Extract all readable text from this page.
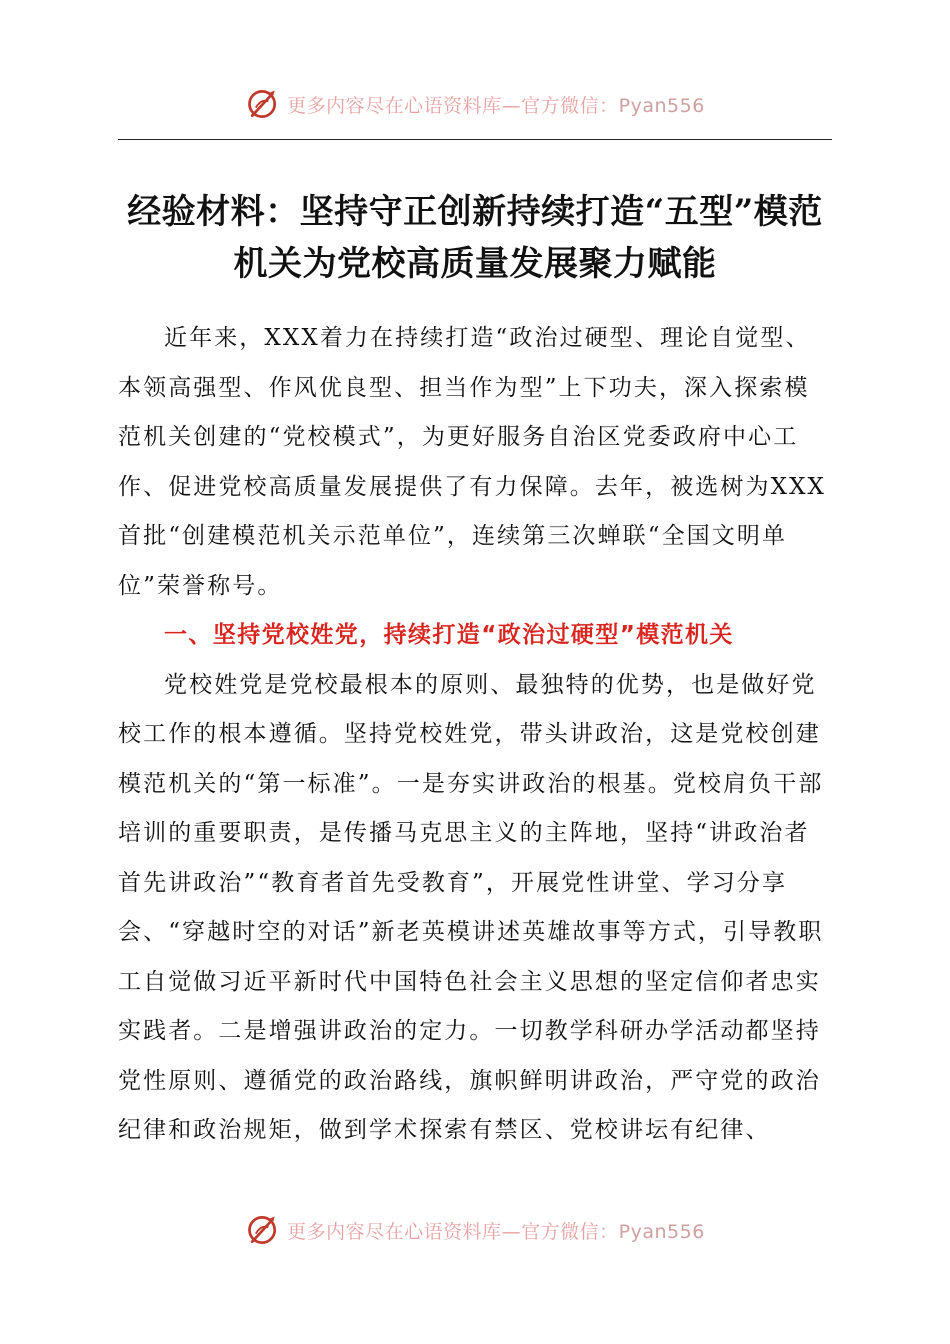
更多内容尽在心语资料库—官方微信：Pyan556
经验材料：坚持守正创新持续打造“五型”模范机关为党校高质量发展聚力赋能

近年来，XXX着力在持续打造“政治过硬型、理论自觉型、本领高强型、作风优良型、担当作为型”上下功夫，深入探索模范机关创建的“党校模式”，为更好服务自治区党委政府中心工作、促进党校高质量发展提供了有力保障。去年，被选树为XXX首批“创建模范机关示范单位”，连续第三次蝉联“全国文明单位”荣誉称号。

一、坚持党校姓党，持续打造“政治过硬型”模范机关

党校姓党是党校最根本的原则、最独特的优势，也是做好党校工作的根本遵循。坚持党校姓党，带头讲政治，这是党校创建模范机关的“第一标准”。一是夯实讲政治的根基。党校肩负干部培训的重要职责，是传播马克思主义的主阵地，坚持“讲政治者首先讲政治”“教育者首先受教育”，开展党性讲堂、学习分享会、“穿越时空的对话”新老英模讲述英雄故事等方式，引导教职工自觉做习近平新时代中国特色社会主义思想的坚定信仰者忠实实践者。二是增强讲政治的定力。一切教学科研办学活动都坚持党性原则、遵循党的政治路线，旗帜鲜明讲政治，严守党的政治纪律和政治规矩，做到学术探索有禁区、党校讲坛有纪律、

更多内容尽在心语资料库—官方微信：Pyan556
